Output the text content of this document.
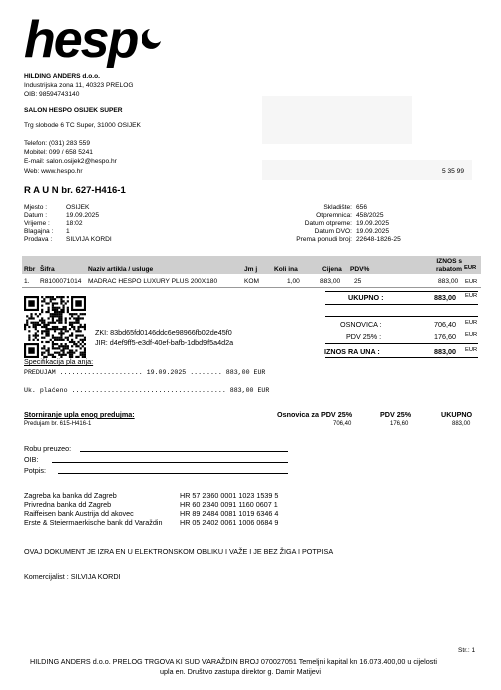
hesp
HILDING ANDERS d.o.o.
Industrijska zona 11, 40323 PRELOG
OIB: 98594743140
SALON HESPO OSIJEK SUPER
Trg slobode 6 TC Super, 31000 OSIJEK
Telefon: (031) 283 559
Mobitel: 099 / 658 5241
E-mail: salon.osijek2@hespo.hr
Web: www.hespo.hr	5 35 99
R A U N br. 627-H416-1
Mjesto :	OSIJEK
Datum :	19.09.2025
Vrijeme : 18:02
Blagajna : 1
Prodava : SILVIJA KORDI
Skladište: 656
Otpremnica: 458/2025
Datum otpreme: 19.09.2025
Datum DVO: 19.09.2025
Prema ponudi broj: 22648-1826-25
Rbr Šifra	Naziv artikla / usluge	Jm j	Koli ina	Cijena PDV%
IZNOS s rabatom EUR
1. R8100071014 MADRAC HESPO LUXURY PLUS 200X180	KOM	1,00	883,00 25	883,00 EUR
UKUPNO :	883,00 EUR
ZKI: 83bd65fd0146ddc6e98966fb02de45f0
JIR: d4ef9ff5-e3df-40ef-bafb-1dbd9f5a4d2a
OSNOVICA :	706,40 EUR
PDV 25% :	176,60 EUR
IZNOS RA UNA :	883,00 EUR
Specifikacija pla anja:
PREDUJAM ..................... 19.09.2025 ........ 883,00 EUR
Uk. plaćeno ....................................... 883,00 EUR
Storniranje upla enog predujma:	Osnovica za PDV 25%	PDV 25%	UKUPNO
Predujam br. 615-H416-1	706,40	176,60	883,00
Robu preuzeo:
OIB:
Potpis:
Zagreba ka banka dd Zagreb	HR 57 2360 0001 1023 1539 5
Privredna banka dd Zagreb	HR 60 2340 0091 1160 0607 1
Raiffeisen bank Austrija dd akovec	HR 89 2484 0081 1019 6346 4
Erste & Steiermaerkische bank dd Varaždin HR 05 2402 0061 1006 0684 9
OVAJ DOKUMENT JE IZRA EN U ELEKTRONSKOM OBLIKU I VAŽE I JE BEZ ŽIGA I POTPISA
Komercijalist : SILVIJA KORDI
Str.: 1
HILDING ANDERS d.o.o. PRELOG TRGOVA KI SUD VARAŽDIN BROJ 070027051 Temeljni kapital kn 16.073.400,00 u cijelosti
upla en. Društvo zastupa direktor g. Damir Matijevi
